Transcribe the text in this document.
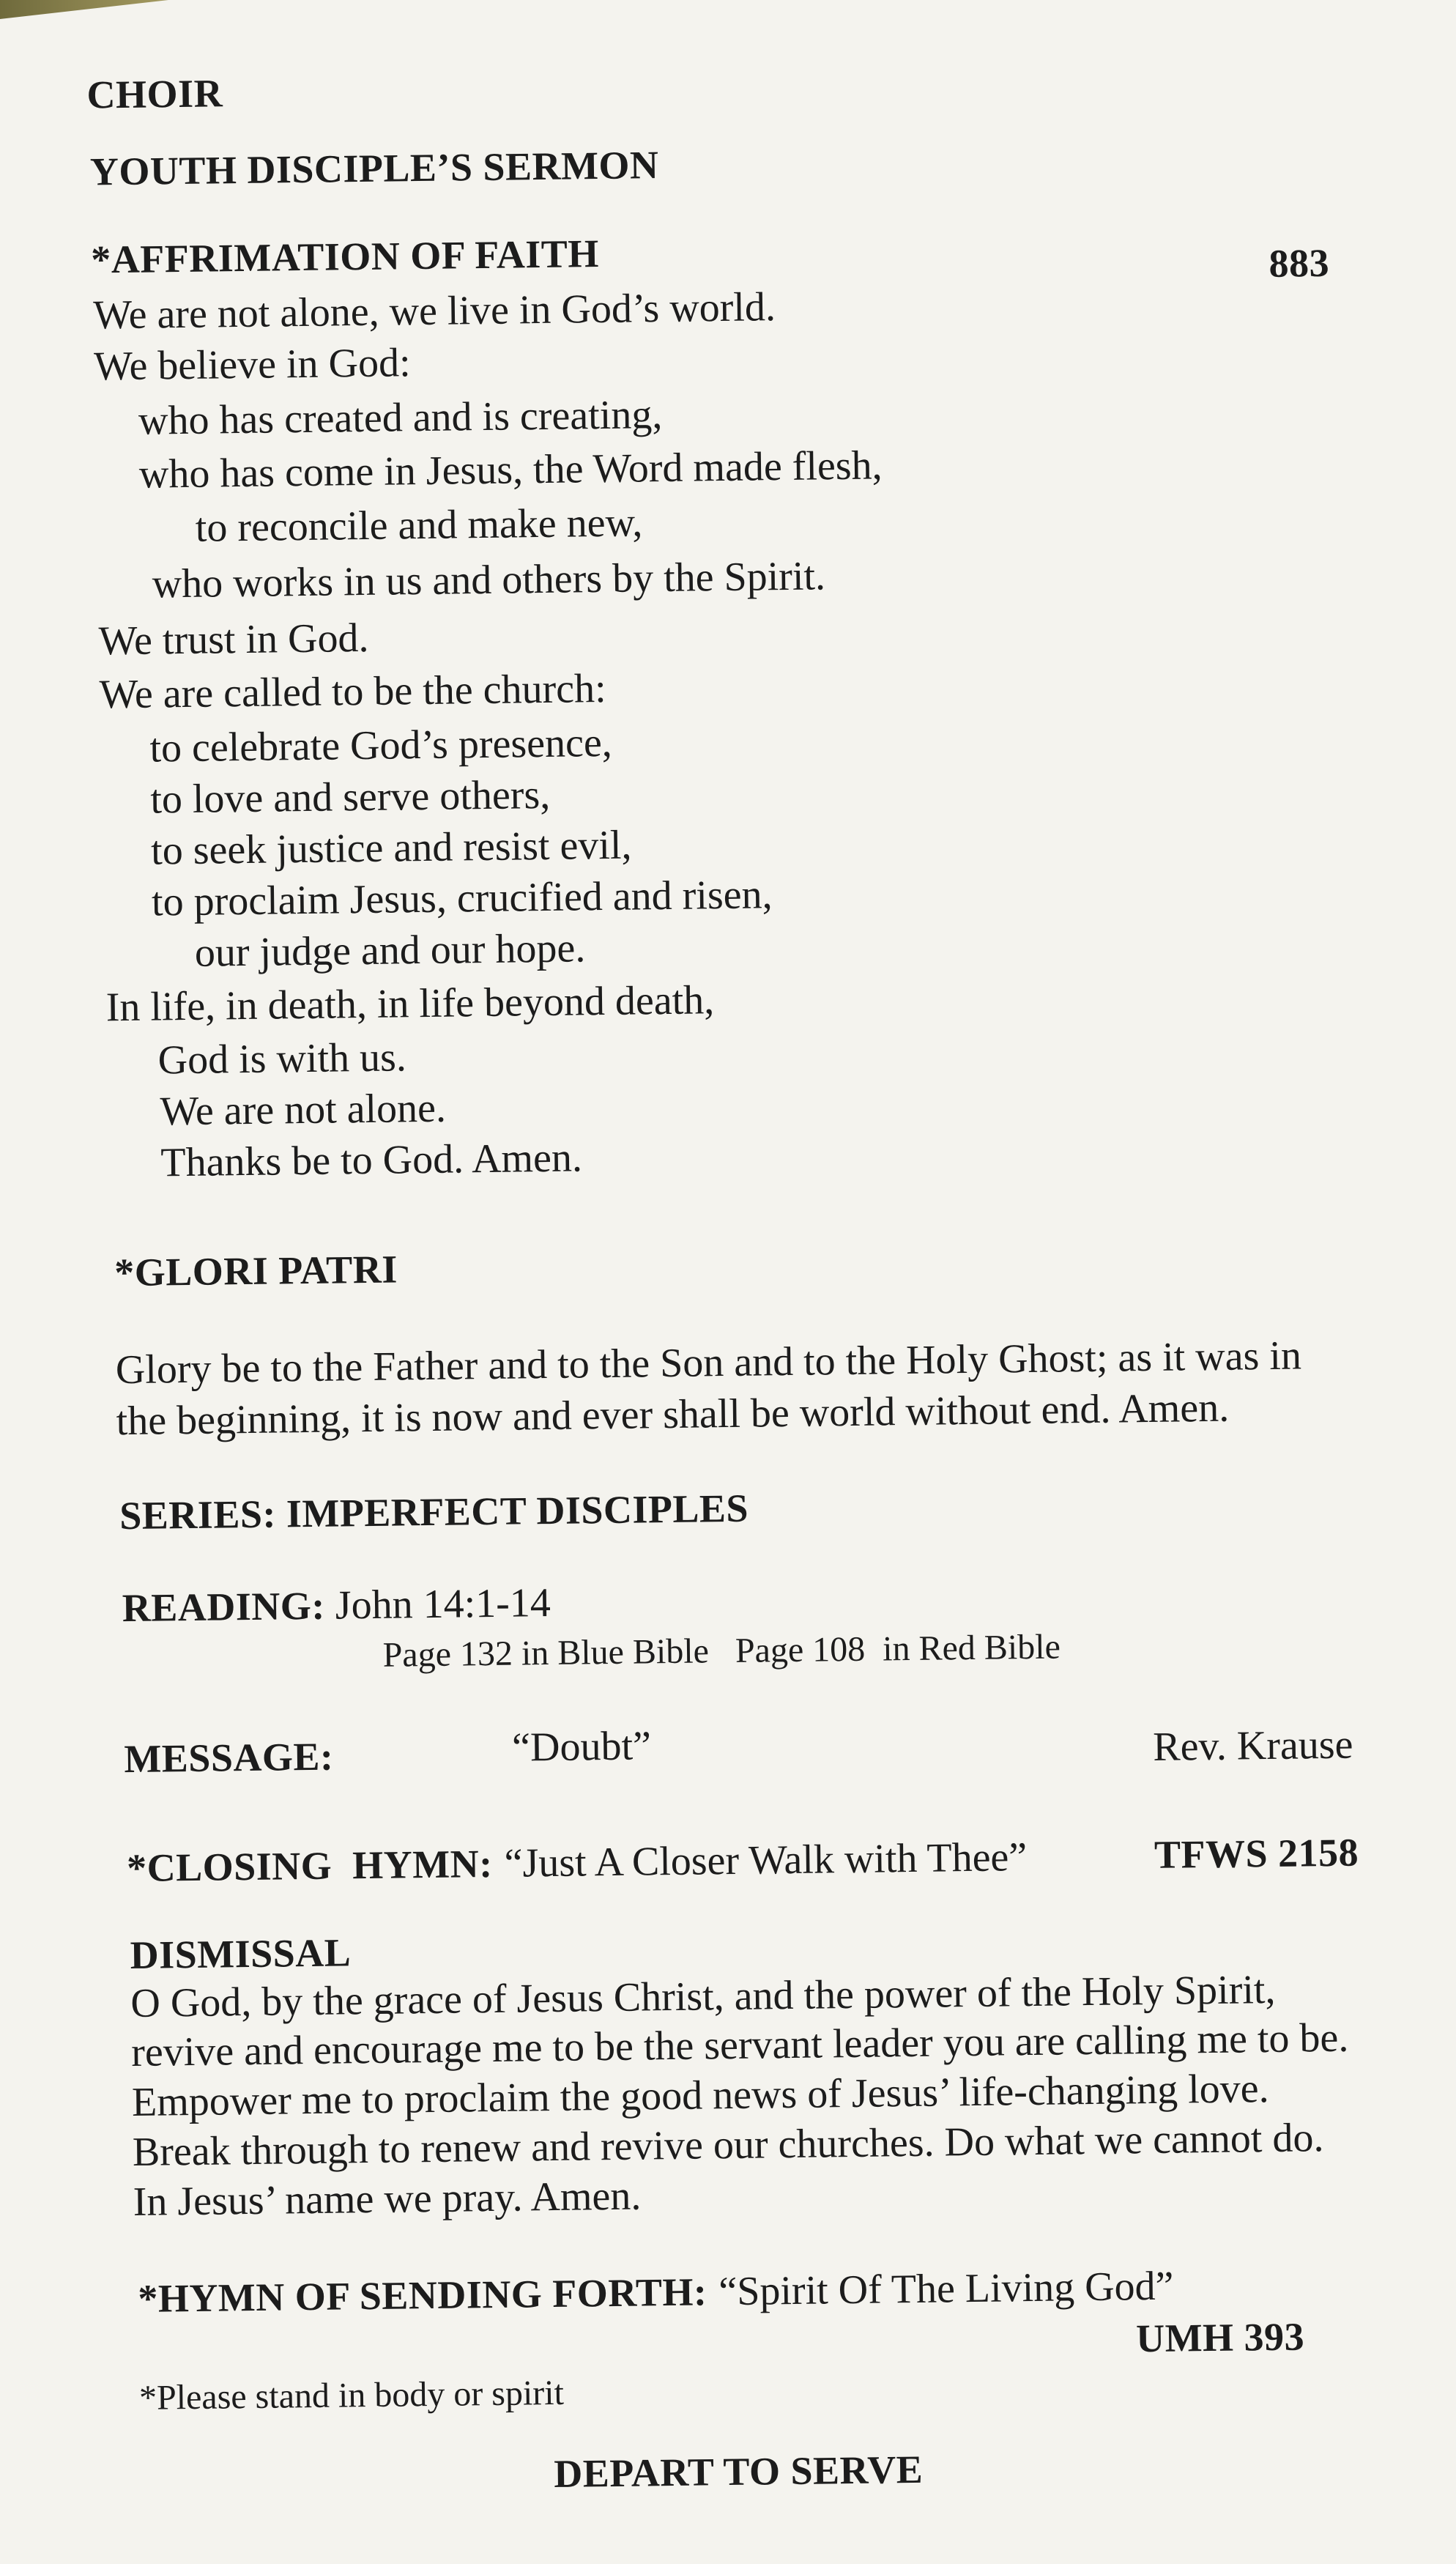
CHOIR
YOUTH DISCIPLE’S SERMON
*AFFRIMATION OF FAITH	883
We are not alone, we live in God’s world.
We believe in God:
who has created and is creating,
who has come in Jesus, the Word made flesh,
to reconcile and make new,
who works in us and others by the Spirit.
We trust in God.
We are called to be the church:
to celebrate God’s presence,
to love and serve others,
to seek justice and resist evil,
to proclaim Jesus, crucified and risen,
our judge and our hope.
In life, in death, in life beyond death,
God is with us.
We are not alone.
Thanks be to God. Amen.
*GLORI PATRI
Glory be to the Father and to the Son and to the Holy Ghost; as it was in
the beginning, it is now and ever shall be world without end. Amen.
SERIES: IMPERFECT DISCIPLES
READING: John 14:1-14
Page 132 in Blue Bible   Page 108  in Red Bible
MESSAGE:	“Doubt”	Rev. Krause
*CLOSING  HYMN: “Just A Closer Walk with Thee”	TFWS 2158
DISMISSAL
O God, by the grace of Jesus Christ, and the power of the Holy Spirit,
revive and encourage me to be the servant leader you are calling me to be.
Empower me to proclaim the good news of Jesus’ life-changing love.
Break through to renew and revive our churches. Do what we cannot do.
In Jesus’ name we pray. Amen.
*HYMN OF SENDING FORTH: “Spirit Of The Living God”
UMH 393
*Please stand in body or spirit
DEPART TO SERVE
